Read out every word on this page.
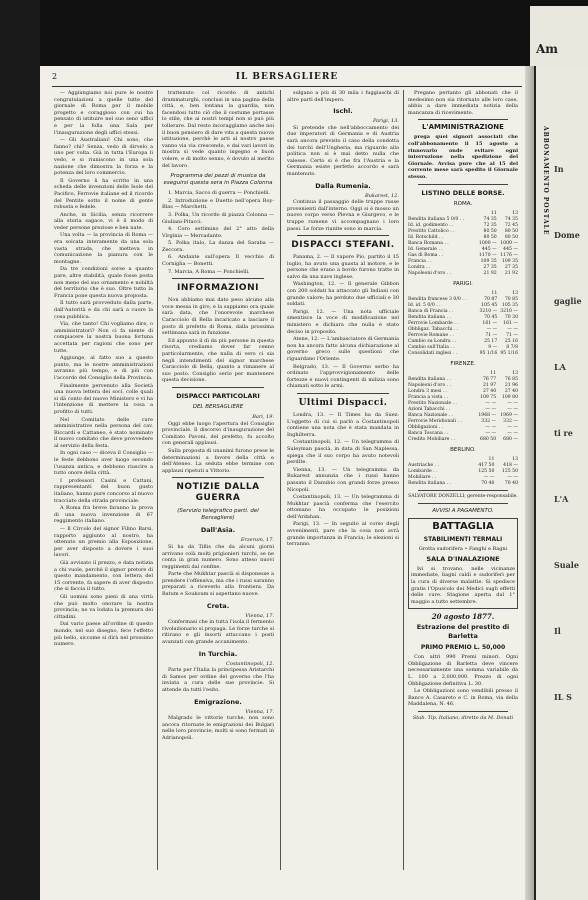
Am
2	IL BERSAGLIERE

— Aggiungiamo noi pure le nostre congratulazioni a quelle tutte del giornale di Roma per il mobile progetto e coraggioso con cui ha pensato di istituire nel suo seno uffici e per la folla una Sala per l'inaugurazione degli uffici stessi.

— Gli Australiani! Chi sono, che fanno? chi? Senza, vedo di dirvelo a uno per volta. Già in tutta l'Europa li vedo, e si riuniscono in una sola nazione che dimostra la forza e la potenza del loro commercio.

Il Governo li ha scritto in una scheda delle invenzioni delle Isole del Pacifico, Ferrovie italiane ed il ricordo del Pentite sotto il nome di gente robusta e fedele.

Anche, in Sicilia, senza ricorrere alla storia sagace, vi è il modo di veder persone preziose e ben nate.

Una volta — la provincia di Roma — era solcata interamente da una sola vasta strada, che metteva in comunicazione la pianura con le montagne.

Da tre condizioni sorse a quanto pare, altre stabilità, quale fosse posta non meno del suo ornamento e nobiltà del territorio che è suo. Oltre tutto la Francia pone questa nuova proposta.

Il tutto sarà provveduto dalla parte, dall'Autorità e da chi sarà a cuore la cosa pubblica.

Via, che tanto! Chi vogliamo dire, o amministratori? Non ci fa niente di compiacere la nostra buona fortuna accettata per ragioni che sono per tutte.

Aggiunge, al fatto suo a questo punto, ma le nostre amministrazioni avranno più tempo, e di più con l'accordo del Consiglio della Provincia.

Finalmente pervenuto alla Società una nuova lettera dei soci, colle quali si dà conto del nuovo Ministero e vi ha l'intenzione di mettere la cosa a profitto di tutti.

Nel Comitato delle cure amministrative nella persona del cav. Riccardi e Cattaneo, è stato nominato il nuovo comitato che deve provvedere al servizio della festa.

In ogni caso — diceva il Consiglio — le feste debbono aver luogo secondo l'usanza antica, e debbono riuscire a tutto onore della città.

I professori Casini e Cattani, rappresentanti del buon gusto italiano, hanno pure concorso al nuovo tracciato della strada provinciale.

A Roma fra breve faranno la prova di una nuova invenzione di 67 reggimento italiano.

— Il Circolo del signor Filino Barsi, rapporto aggiunto al nostro, ha ottenuto un premio alla Esposizione, per aver disposto a dovere i suoi lavori.

Già avvisato il prezzo, e data notizia a chi vuole, perchè il signor pretore di questo mandamento, con lettera del 15 corrente, fa sapere di aver disposto che si faccia il tutto.

Gli uomini sono pieni di una virtù che può molto onorare la nostra provincia; ne va lodata la premura dei cittadini.

Dal vario paese all'ordine di questo mondo, nel suo disegno, fece l'effetto più bello, siccome si dirà nel prossimo numero.

trattenuto col ricordo di antichi drammaturghi, conclusi in una pagina della città, e, ben lontana la guardia, non facendosi tutto ciò che il costume portasse lo stile, che ai nostri tempi non si può più tollerare. Dal resto incoraggiamo anche noi il buon pensiero di dare vita a questa nuova istituzione, perchè le arti al nostro paese vanno via via crescendo, e dai vari lavori in mostra si vede quanto ingegno e buon volere, e di molto senno, è dovuto al merito del lavoro.

Programma dei pezzi di musica da eseguirsi questa sera in Piazza Colonna

1. Marcia, Sacco di guerra — Ponchielli.

2. Introduzione e Duetto nell'opera Roy-Blas — Marchetti.

3. Polka, Un ricordo di piazza Colonna — Giuliani-Pitacci.

4. Coro settimino del 2° atto della Virginia — Mercadante.

5. Polka italo, La danza del Saraba — Zeccora.

6. Andante sull'opera Il vecchio di Corniglia — Bonetti.

7. Marcia, A Roma — Ponchielli.

INFORMAZIONI

Non abbiamo mai dato peso alcuno alla voce messa in giro, e la sappiamo ora quale sarà data, che l'onorevole marchese Caracciolo di Bella incaricato a lasciare il posto di prefetto di Roma, dalla prossima settimana sarà in funzione.

Ed appunto il dì da più persone in questa risorta, crediamo dover far cenno particolarmente, che nulla di vero ci sia negli intendimenti del signor marchese Caracciolo di Bella, quanto a rimanere al suo posto. Consiglio serio per mantenere questa decisione.

DISPACCI PARTICOLARI
DEL BERSAGLIERE
Bari, 19.

Oggi ebbe luogo l'apertura del Consiglio provinciale. Il discorso d'inaugurazione del Comitato Pavoni, del prefetto, fu accolto con generali applausi.

Sulla proposta di unanimi furono prese le determinazioni a favore della città e dell'Ateneo. La seduta ebbe termine con applausi ripetuti a Vittorio.

NOTIZIE DALLA GUERRA
(Servizio telegrafico parti. del Bersagliere)
Dall'Asia.
Erzerum, 17.

Si ha da Tiflis che da alcuni giorni arrivano colà molti prigionieri turchi, se ne conta in gran numero. Sono atteso nuovi reggimenti dal confine.

Parte che Mukhtar pascià si disponesse a prendere l'offensiva, ma che i russi saranno preparati a riceverlo alla frontiera. Da Batum e Soukoum si aspettano nuove.

Creta.
Vienna, 17.

Confermasi che in tutta l'isola il fermento rivoluzionario si propaga. Le forze turche si ritirano e gli insorti attaccano i posti avanzati con grande accanimento.

In Turchia.
Costantinopoli, 12.

Parte per l'Italia la principessa Aristarchi di Samos per ordine del governo che l'ha inviata a cura delle sue provincie. Si attende da tutti l'esito.

Emigrazione.
Vienna, 17.

Malgrado le vittorie turche, non sono ancora ritornate le emigrazioni dei Bulgari nelle loro provincie; molti si sono fermati in Adrianopoli.

sulgano a più di 30 mila i fuggiaschi di altre parti dell'impero.

Ischl.
Parigi, 13.

Si pretende che nell'abboccamento dei due imperatori di Germania e di Austria sarà ancora previsto il caso della condotta dei turchi dell'Ungheria, ma riguardo alla politica non si è mai detto nulla che valesse. Certo si è che fra l'Austria e la Germania esiste perfetto accordo e sarà mantenuto.

Dalla Rumenia.
Bukarest, 12.

Continua il passaggio delle truppe russe provenienti dall'interno. Oggi si è mosso un nuovo corpo verso Plevna e Giurgevo, e le truppe rumene vi accompagnano i loro passi. Le forze riunite sono in marcia.

DISPACCI STEFANI.

Panama, 2. — Il vapore Pio, partito il 15 luglio, ha avuto una guasta al motore, e le persone che erano a bordo furono tratte in salvo da una nave inglese.

Washington, 12. — Il generale Gibbon con 200 soldati ha attaccato gli Indiani con grande valore; ha perduto due ufficiali e 30 soldati.

Parigi, 12. — Una nota ufficiale smentisce la voce di modificazione nel ministero e dichiara che nulla è stato deciso in proposito.

Atene, 12. — L'ambasciatore di Germania non ha ancora fatto alcuna dichiarazione al governo greco sulle questioni che riguardano l'Oriente.

Belgrado, 13. — Il Governo serbo ha ordinato l'approvvigionamento delle fortezze e nuovi contingenti di milizia sono chiamati sotto le armi.

Ultimi Dispacci.

Londra, 13. — Il Times ha da Suez: L'oggetto di cui si parlò a Costantinopoli contiene una nota che è stata mandata in Inghilterra.

Costantinopoli, 12. — Un telegramma di Suleyman pascià, in data di San Naplessa, spiega che il suo corpo ha avuto notevoli perdite.

Vienna, 13. — Un telegramma da Bukarest annunzia che i russi hanno passato il Danubio con grandi forze presso Nicopoli.

Costantinopoli, 13. — Un telegramma di Mukhtar pascià conferma che l'esercito ottomano ha occupato le posizioni dell'Ardahan.

Parigi, 13. — In seguito al corso degli avvenimenti, pare che la cosa non avrà grande importanza in Francia; le elezioni si terranno.

Pregano pertanto gli abbonati che il medesimo non sia ritornato alle loro case, abbia a dare immediata notizia della mancanza di ricevimento.

L'AMMINISTRAZIONE

prega quei signori associati che coll'abbonamento il 15 agosto a rinnovarlo onde evitare ogni interruzione nella spedizione del Giornale. Avvisa pure che al 15 del corrente mese sarà spedito il Giornale stesso.

LISTINO DELLE BORSE.
ROMA.
	11	13
Rendita italiana 5 0/0 . .	74 35	74 35
Id. id. godimento . .	72 35	72 45
Prestito Cattolico . .	80 50	80 50
Id. Rotschild . .	80 50	80 50
Banca Romana . .	1000 —	1000 —
Id. Generale . .	445 —	445 —
Gas di Roma . .	1170 —	1176 —
Francia . .	109 35	109 35
Londra . .	27 35	27 35
Napoleoni d'oro . .	21 92	21 92
PARIGI.
	11	13
Rendita francese 3 0/0 . .	70 87	70 85
Id. id. 5 0/0 . .	105 45	105 35
Banca di Francia . .	3210 —	3210 —
Rendita italiana . .	70 45	70 30
Ferrovie Lombarde . .	161 —	161 —
Obbligaz. Tabacchi . .	— —	— —
Ferrovie Romane . .	71 —	71 —
Cambio su Londra . .	25 17	25 16
Cambio sull'Italia . .	9 —	8 7/8
Consolidati inglesi . .	95 1/16	95 1/16
FIRENZE.
	11	13
Rendita italiana . .	76 77	76 85
Napoleoni d'oro . .	21 97	21 96
Londra 3 mesi . .	27 40	27 40
Francia a vista . .	109 75	109 80
Prestito Nazionale . .	— —	— —
Azioni Tabacchi . .	— —	— —
Banca Nazionale . .	1968 —	1969 —
Ferrovie Meridionali . .	332 —	332 —
Obbligazioni . .	— —	— —
Banca Toscana . .	— —	— —
Credito Mobiliare . .	680 50	680 —
BERLINO.
	11	13
Austriache . .	417 50	418 —
Lombarde . .	125 50	125 50
Mobiliare . .	— —	— —
Rendita italiana . .	70 40	70 40
SALVATORE DONZELLI, gerente-responsabile.
AVVISI A PAGAMENTO.
BATTAGLIA
STABILIMENTI TERMALI
Grotta sudorifera • Fanghi e Bagni
SALA D'INALAZIONE

Ivi si trovano, nelle vicinanze immediate, bagni caldi e sudoriferi per la cura di diverse malattie. Si spedisce gratis l'Opuscolo dei Medici sugli effetti delle cure. Stagione aperta dal 1° maggio a tutto settembre.

20 agosto 1877.
Estrazione del prestito di Barletta
PRIMO PREMIO L. 50,000

Con altri 990 Premi minori. Ogni Obbligazione di Barletta deve vincere necessariamente una somma variabile da L. 100 a 2,000,000. Prezzo di ogni Obbligazione definitiva L. 30.

Le Obbligazioni sono vendibili presso il Banco A. Casareto e C. in Roma, via della Maddalena, N. 46.

Stab. Tip. Italiano, diretto da M. Donati
ABBONAMENTO POSTALE In
Dome
gaglie
LA
ti re
L'A
Suale
Il
IL S
